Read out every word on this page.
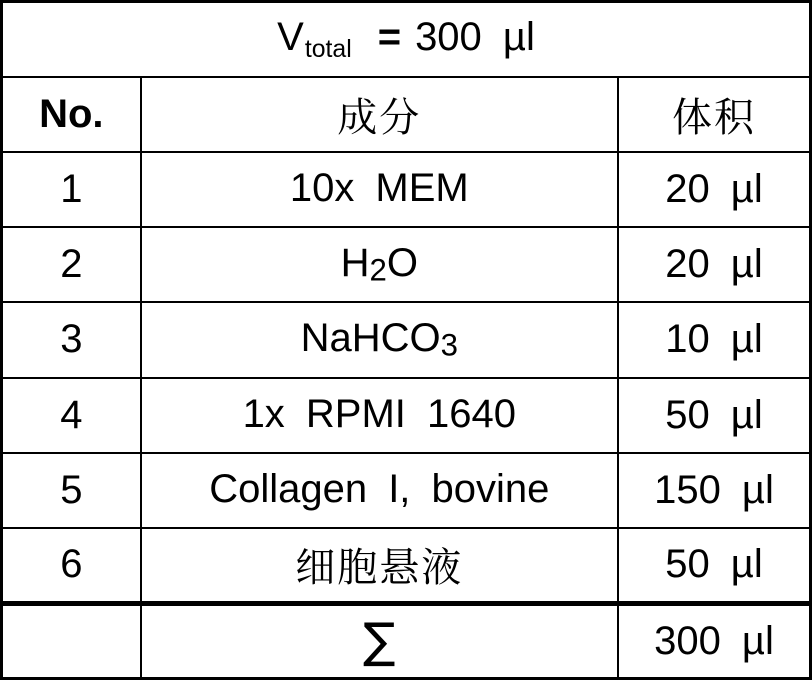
Vtotal = 300 µl		
No.	成分	体积
1	10x MEM	20 µl
2	H2O	20 µl
3	NaHCO3	10 µl
4	1x RPMI 1640	50 µl
5	Collagen I, bovine	150 µl
6	细胞悬液	50 µl
	∑	300 µl
